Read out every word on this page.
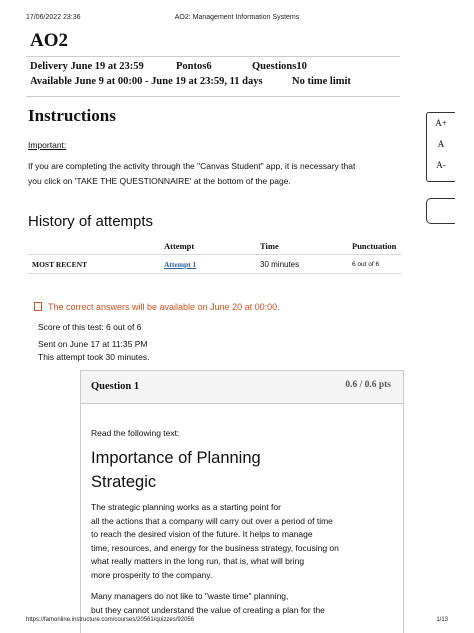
17/06/2022 23:36	AO2: Management Information Systems
AO2
Delivery June 19 at 23:59	Pontos6	Questions10
Available June 9 at 00:00 - June 19 at 23:59, 11 days	No time limit
Instructions
Important:

If you are completing the activity through the "Canvas Student" app, it is necessary that
you click on 'TAKE THE QUESTIONNAIRE' at the bottom of the page.

A+
A
A-
History of attempts
	Attempt	Time	Punctuation
MOST RECENT	Attempt 1	30 minutes	6 out of 6
The correct answers will be available on June 20 at 00:00.
Score of this test: 6 out of 6
Sent on June 17 at 11:35 PM
This attempt took 30 minutes.
Question 1	0.6 / 0.6 pts
Read the following text:
Importance of Planning
Strategic

The strategic planning works as a starting point for
all the actions that a company will carry out over a period of time
to reach the desired vision of the future. It helps to manage
time, resources, and energy for the business strategy, focusing on
what really matters in the long run, that is, what will bring
more prosperity to the company.

Many managers do not like to "waste time" planning,
but they cannot understand the value of creating a plan for the

https://famonline.instructure.com/courses/20561/quizzes/92056	1/13
